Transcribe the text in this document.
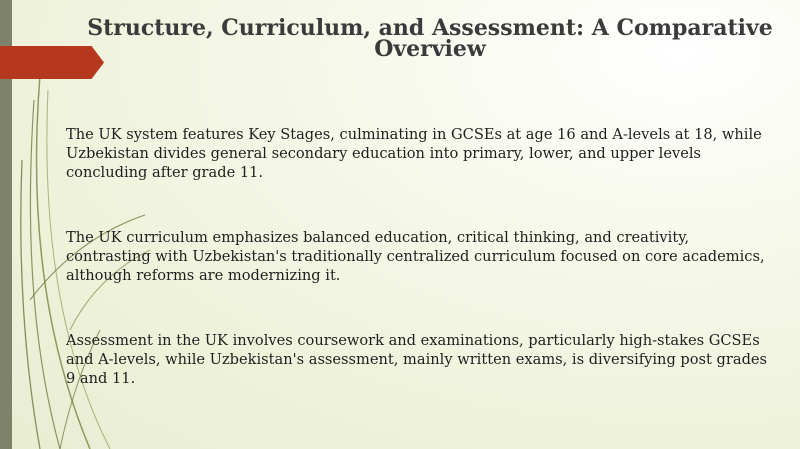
Structure, Curriculum, and Assessment: A Comparative Overview

The UK system features Key Stages, culminating in GCSEs at age 16 and A-levels at 18, while Uzbekistan divides general secondary education into primary, lower, and upper levels concluding after grade 11.

The UK curriculum emphasizes balanced education, critical thinking, and creativity, contrasting with Uzbekistan's traditionally centralized curriculum focused on core academics, although reforms are modernizing it.

Assessment in the UK involves coursework and examinations, particularly high-stakes GCSEs and A-levels, while Uzbekistan's assessment, mainly written exams, is diversifying post grades 9 and 11.
